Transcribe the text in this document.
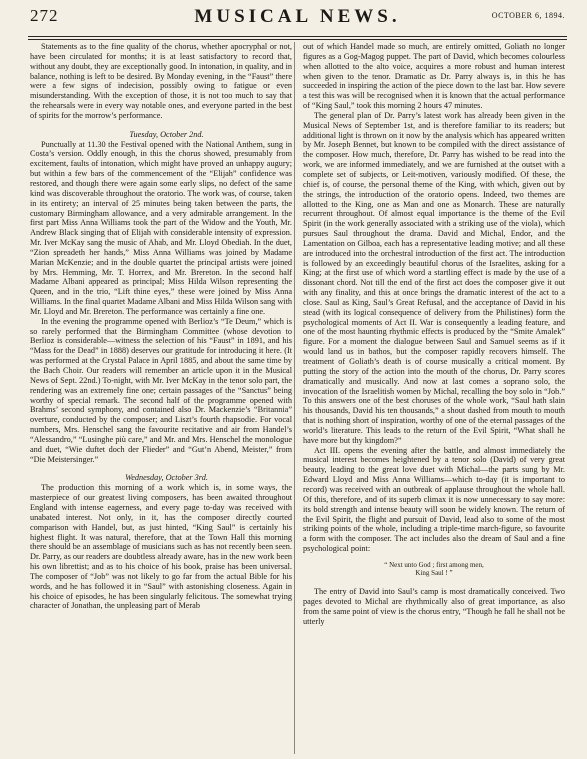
272	MUSICAL NEWS.	OCTOBER 6, 1894.

Statements as to the fine quality of the chorus, whether apocryphal or not, have been circulated for months; it is at least satisfactory to record that, without any doubt, they are exceptionally good. In intonation, in quality, and in balance, nothing is left to be desired. By Monday evening, in the “Faust” there were a few signs of indecision, possibly owing to fatigue or even misunderstanding. With the exception of those, it is not too much to say that the rehearsals were in every way notable ones, and everyone parted in the best of spirits for the morrow’s performance.

Tuesday, October 2nd.

Punctually at 11.30 the Festival opened with the National Anthem, sung in Costa’s version. Oddly enough, in this the chorus showed, presumably from excitement, faults of intonation, which might have proved an unhappy augury; but within a few bars of the commencement of the “Elijah” confidence was restored, and though there were again some early slips, no defect of the same kind was discoverable throughout the oratorio. The work was, of course, taken in its entirety; an interval of 25 minutes being taken between the parts, the customary Birmingham allowance, and a very admirable arrangement. In the first part Miss Anna Williams took the part of the Widow and the Youth, Mr. Andrew Black singing that of Elijah with considerable intensity of expression. Mr. Iver McKay sang the music of Ahab, and Mr. Lloyd Obediah. In the duet, “Zion spreadeth her hands,” Miss Anna Williams was joined by Madame Marian McKenzie; and in the double quartet the principal artists were joined by Mrs. Hemming, Mr. T. Horrex, and Mr. Brereton. In the second half Madame Albani appeared as principal; Miss Hilda Wilson representing the Queen, and in the trio, “Lift thine eyes,” these were joined by Miss Anna Williams. In the final quartet Madame Albani and Miss Hilda Wilson sang with Mr. Lloyd and Mr. Brereton. The performance was certainly a fine one.

In the evening the programme opened with Berlioz’s “Te Deum,” which is so rarely performed that the Birmingham Committee (whose devotion to Berlioz is considerable—witness the selection of his “Faust” in 1891, and his “Mass for the Dead” in 1888) deserves our gratitude for introducing it here. (It was performed at the Crystal Palace in April 1885, and about the same time by the Bach Choir. Our readers will remember an article upon it in the Musical News of Sept. 22nd.) To-night, with Mr. Iver McKay in the tenor solo part, the rendering was an extremely fine one; certain passages of the “Sanctus” being worthy of special remark. The second half of the programme opened with Brahms’ second symphony, and contained also Dr. Mackenzie’s “Britannia” overture, conducted by the composer; and Liszt’s fourth rhapsodie. For vocal numbers, Mrs. Henschel sang the favourite recitative and air from Handel’s “Alessandro,” “Lusinghe più care,” and Mr. and Mrs. Henschel the monologue and duet, “Wie duftet doch der Flieder” and “Gut’n Abend, Meister,” from “Die Meistersinger.”

Wednesday, October 3rd.

The production this morning of a work which is, in some ways, the masterpiece of our greatest living composers, has been awaited throughout England with intense eagerness, and every page to-day was received with unabated interest. Not only, in it, has the composer directly courted comparison with Handel, but, as just hinted, “King Saul” is certainly his highest flight. It was natural, therefore, that at the Town Hall this morning there should be an assemblage of musicians such as has not recently been seen. Dr. Parry, as our readers are doubtless already aware, has in the new work been his own librettist; and as to his choice of his book, praise has been universal. The composer of “Job” was not likely to go far from the actual Bible for his words, and he has followed it in “Saul” with astonishing closeness. Again in his choice of episodes, he has been singularly felicitous. The somewhat trying character of Jonathan, the unpleasing part of Merab

out of which Handel made so much, are entirely omitted, Goliath no longer figures as a Gog-Magog puppet. The part of David, which becomes colourless when allotted to the alto voice, acquires a more robust and human interest when given to the tenor. Dramatic as Dr. Parry always is, in this he has succeeded in inspiring the action of the piece down to the last bar. How severe a test this was will be recognised when it is known that the actual performance of “King Saul,” took this morning 2 hours 47 minutes.

The general plan of Dr. Parry’s latest work has already been given in the Musical News of September 1st, and is therefore familiar to its readers; but additional light is thrown on it now by the analysis which has appeared written by Mr. Joseph Bennet, but known to be compiled with the direct assistance of the composer. How much, therefore, Dr. Parry has wished to be read into the work, we are informed immediately, and we are furnished at the outset with a complete set of subjects, or Leit-motiven, variously modified. Of these, the chief is, of course, the personal theme of the King, with which, given out by the strings, the introduction of the oratorio opens. Indeed, two themes are allotted to the King, one as Man and one as Monarch. These are naturally recurrent throughout. Of almost equal importance is the theme of the Evil Spirit (in the work generally associated with a striking use of the viola), which pursues Saul throughout the drama. David and Michal, Endor, and the Lamentation on Gilboa, each has a representative leading motive; and all these are introduced into the orchestral introduction of the first act. The introduction is followed by an exceedingly beautiful chorus of the Israelites, asking for a King; at the first use of which word a startling effect is made by the use of a dissonant chord. Not till the end of the first act does the composer give it out with any finality, and this at once brings the dramatic interest of the act to a close. Saul as King, Saul’s Great Refusal, and the acceptance of David in his stead (with its logical consequence of delivery from the Philistines) form the psychological moments of Act II. War is consequently a leading feature, and one of the most haunting rhythmic effects is produced by the “Smite Amalek” figure. For a moment the dialogue between Saul and Samuel seems as if it would land us in bathos, but the composer rapidly recovers himself. The treatment of Goliath’s death is of course musically a critical moment. By putting the story of the action into the mouth of the chorus, Dr. Parry scores dramatically and musically. And now at last comes a soprano solo, the invocation of the Israelitish women by Michal, recalling the boy solo in “Job.” To this answers one of the best choruses of the whole work, “Saul hath slain his thousands, David his ten thousands,” a shout dashed from mouth to mouth that is nothing short of inspiration, worthy of one of the eternal passages of the world’s literature. This leads to the return of the Evil Spirit, “What shall he have more but thy kingdom?”

Act III. opens the evening after the battle, and almost immediately the musical interest becomes heightened by a tenor solo (David) of very great beauty, leading to the great love duet with Michal—the parts sung by Mr. Edward Lloyd and Miss Anna Williams—which to-day (it is important to record) was received with an outbreak of applause throughout the whole hall. Of this, therefore, and of its superb climax it is now unnecessary to say more: its bold strength and intense beauty will soon be widely known. The return of the Evil Spirit, the flight and pursuit of David, lead also to some of the most striking points of the whole, including a triple-time march-figure, so favourite a form with the composer. The act includes also the dream of Saul and a fine psychological point:

“ Next unto God ; first among men,
King Saul ! ”

The entry of David into Saul’s camp is most dramatically conceived. Two pages devoted to Michal are rhythmically also of great importance, as also from the same point of view is the chorus entry, “Though he fall he shall not be utterly
